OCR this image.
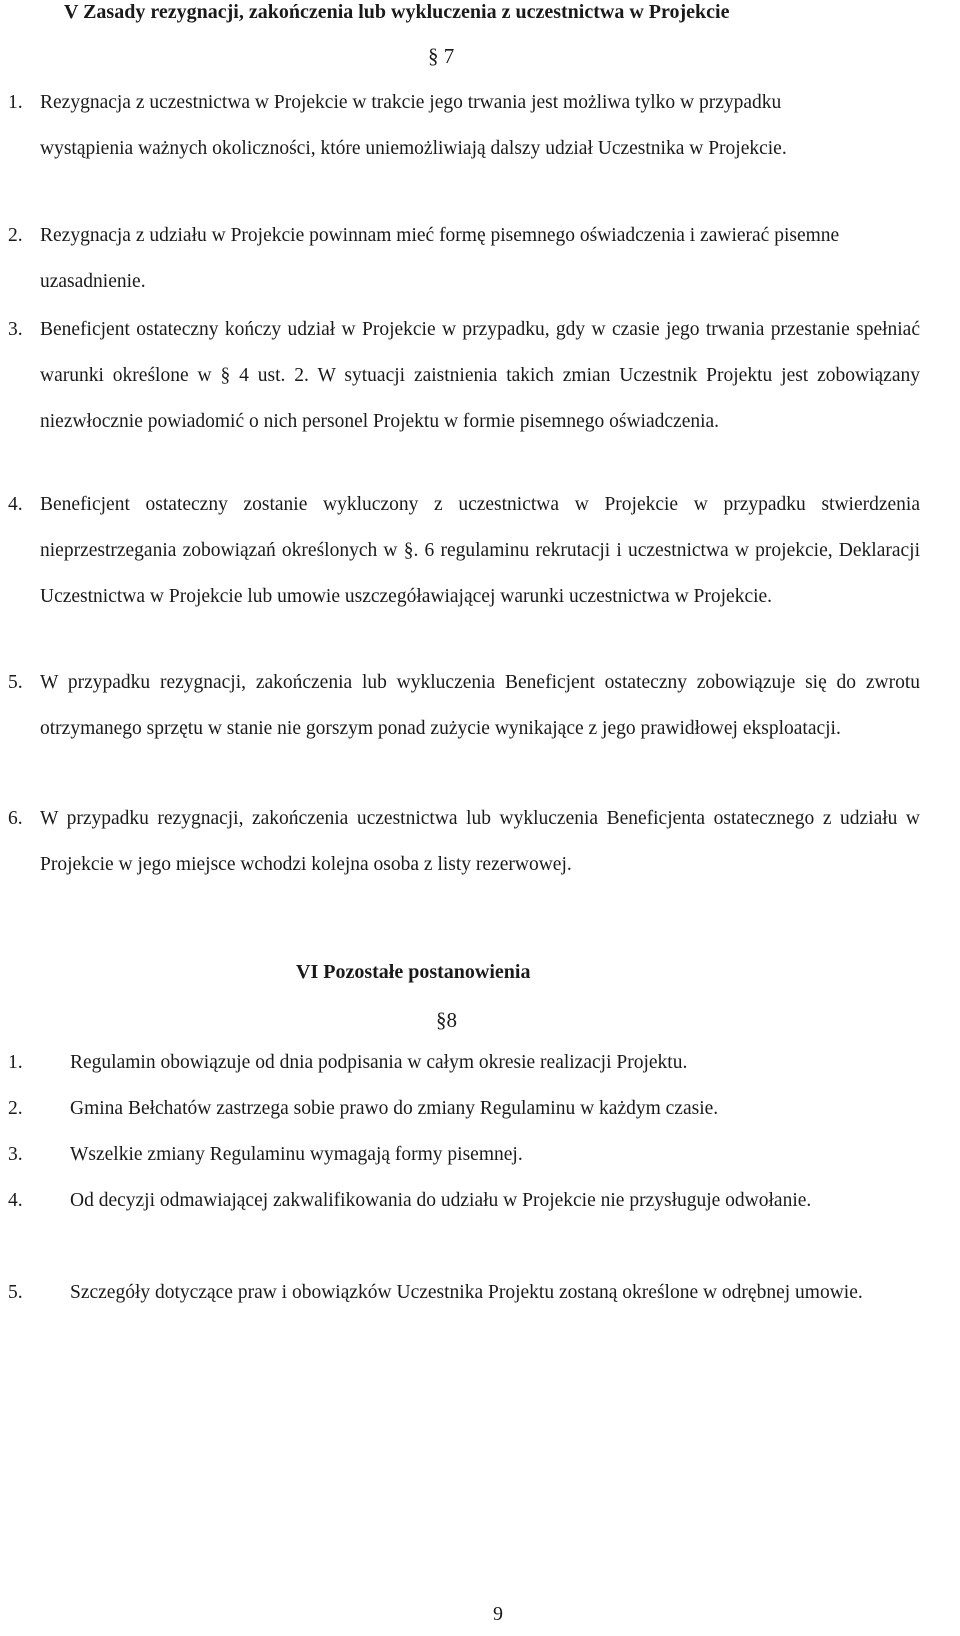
V Zasady rezygnacji, zakończenia lub wykluczenia z uczestnictwa w Projekcie
§ 7
1. Rezygnacja z uczestnictwa w Projekcie w trakcie jego trwania jest możliwa tylko w przypadku wystąpienia ważnych okoliczności, które uniemożliwiają dalszy udział Uczestnika w Projekcie.
2. Rezygnacja z udziału w Projekcie powinnam mieć formę pisemnego oświadczenia i zawierać pisemne uzasadnienie.
3. Beneficjent ostateczny kończy udział w Projekcie w przypadku, gdy w czasie jego trwania przestanie spełniać warunki określone w § 4 ust. 2. W sytuacji zaistnienia takich zmian Uczestnik Projektu jest zobowiązany niezwłocznie powiadomić o nich personel Projektu w formie pisemnego oświadczenia.
4. Beneficjent ostateczny zostanie wykluczony z uczestnictwa w Projekcie w przypadku stwierdzenia nieprzestrzegania zobowiązań określonych w §. 6 regulaminu rekrutacji i uczestnictwa w projekcie, Deklaracji Uczestnictwa w Projekcie lub umowie uszczegóławiającej warunki uczestnictwa w Projekcie.
5. W przypadku rezygnacji, zakończenia lub wykluczenia Beneficjent ostateczny zobowiązuje się do zwrotu otrzymanego sprzętu w stanie nie gorszym ponad zużycie wynikające z jego prawidłowej eksploatacji.
6. W przypadku rezygnacji, zakończenia uczestnictwa lub wykluczenia Beneficjenta ostatecznego z udziału w Projekcie w jego miejsce wchodzi kolejna osoba z listy rezerwowej.
VI Pozostałe postanowienia
§8
1. Regulamin obowiązuje od dnia podpisania w całym okresie realizacji Projektu.
2. Gmina Bełchatów zastrzega sobie prawo do zmiany Regulaminu w każdym czasie.
3. Wszelkie zmiany Regulaminu wymagają formy pisemnej.
4. Od decyzji odmawiającej zakwalifikowania do udziału w Projekcie nie przysługuje odwołanie.
5. Szczegóły dotyczące praw i obowiązków Uczestnika Projektu zostaną określone w odrębnej umowie.
9
